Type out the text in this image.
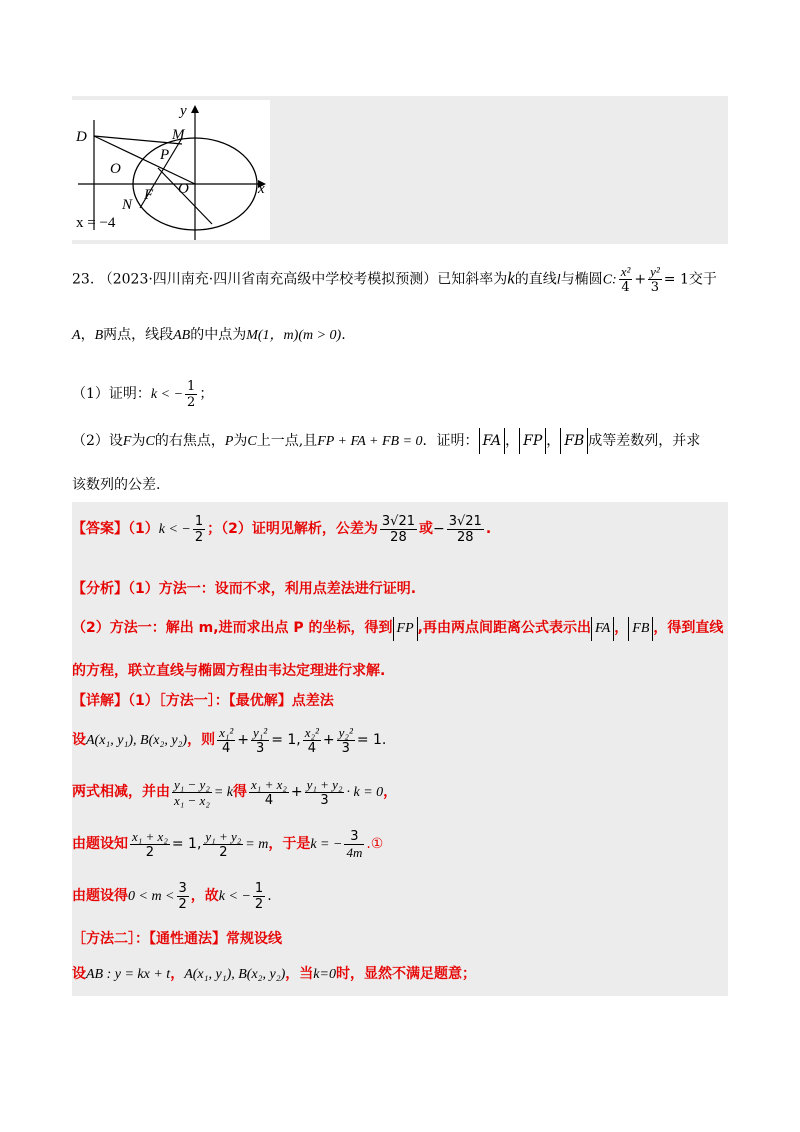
D
y
M
P
O
F O
N
x
x = −4
23. （2023·四川南充·四川省南充高级中学校考模拟预测）已知斜率为k的直线l与椭圆C: $\frac{\text{x²}}{4} + \frac{\text{y²}}{3} = 1$交于
A，B两点，线段AB的中点为M(1，m)(m > 0).
（1）证明：k < − $\frac{1}{2}$ ；
（2）设F为C的右焦点，P为C上一点,且FP + FA + FB = 0．证明： FA ， FP ， FB 成等差数列，并求
该数列的公差.
【答案】（1）k < − $\frac{1}{2}$ ；（2）证明见解析，公差为 $\frac{3√21}{28}$ 或− $\frac{3√21}{28}$ .
【分析】（1）方法一：设而不求，利用点差法进行证明.
（2）方法一：解出 m,进而求出点 P 的坐标，得到 FP ,再由两点间距离公式表示出 FA ， FB ，得到直线
的方程，联立直线与椭圆方程由韦达定理进行求解.
【详解】（1）［方法一］：【最优解】点差法
设A(x₁, y₁), B(x₂, y₂)，则 $\frac{\text{x₁²}}{4} + \frac{\text{y₁²}}{3} = 1$, $\frac{\text{x₂²}}{4} + \frac{\text{y₂²}}{3} = 1$.
两式相减，并由 $\frac{\text{y₁ − y₂}}{\text{x₁ − x₂}} = k$得 $\frac{\text{x₁ + x₂}}{4} + \frac{\text{y₁ + y₂}}{3} \cdot k = 0$，
由题设知 $\frac{\text{x₁ + x₂}}{2} = 1$, $\frac{\text{y₁ + y₂}}{2} = m$，于是k = − $\frac{3}{4m}$ .①
由题设得$0 < m < \frac{3}{2}$ ，故k < − $\frac{1}{2}$ .
［方法二］：【通性通法】常规设线
设AB : y = kx + t，A(x₁, y₁), B(x₂, y₂)，当k=0时，显然不满足题意；
